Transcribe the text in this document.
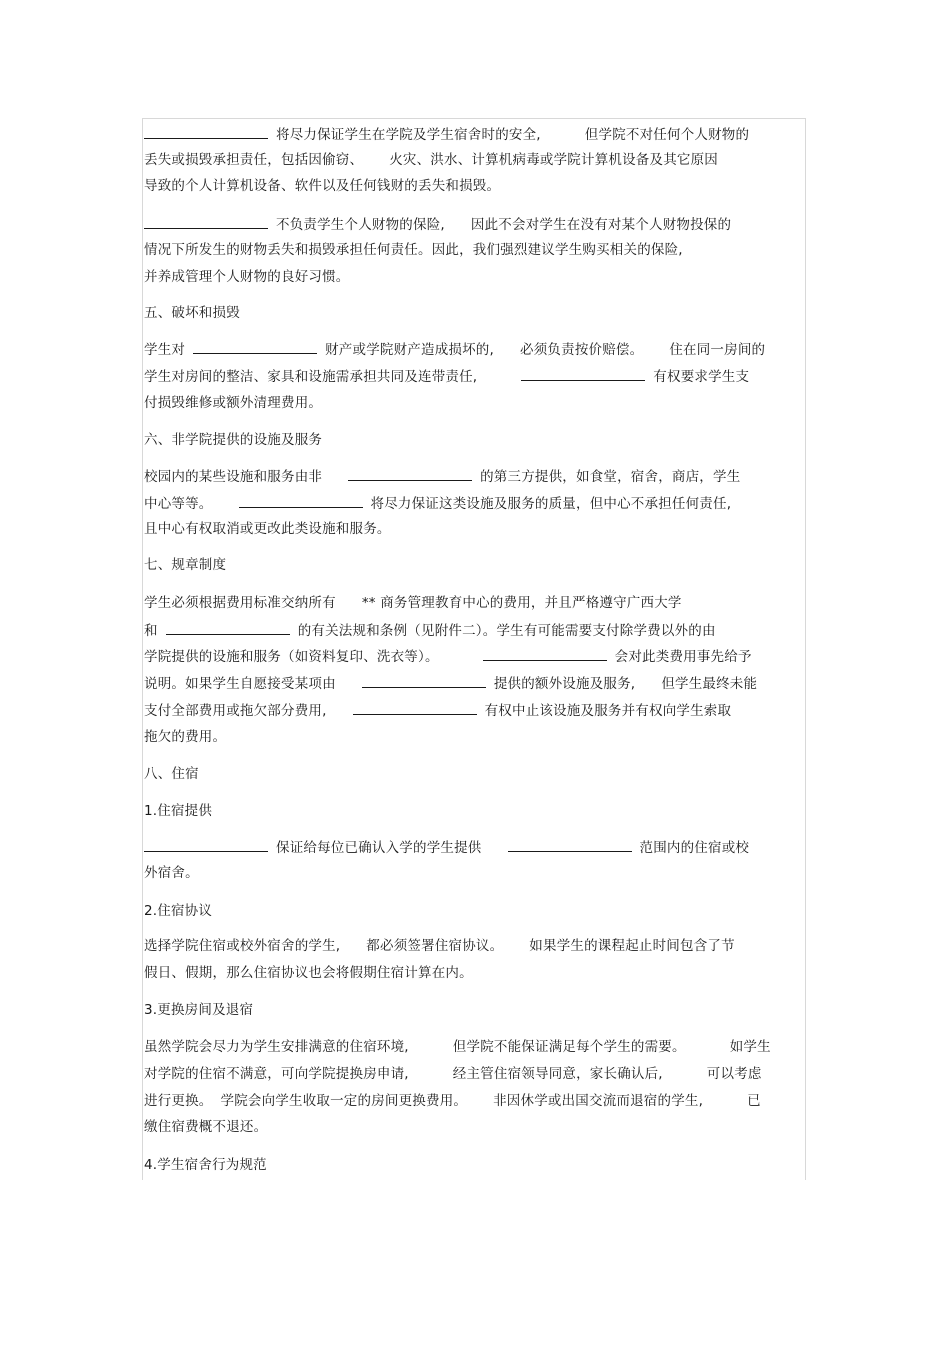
将尽力保证学生在学院及学生宿舍时的安全,	但学院不对任何个人财物的
丢失或损毁承担责任，包括因偷窃、 火灾、洪水、计算机病毒或学院计算机设备及其它原因
导致的个人计算机设备、软件以及任何钱财的丢失和损毁。
不负责学生个人财物的保险, 因此不会对学生在没有对某个人财物投保的
情况下所发生的财物丢失和损毁承担任何责任。因此，我们强烈建议学生购买相关的保险,
并养成管理个人财物的良好习惯。
五、破坏和损毁
学生对	财产或学院财产造成损坏的, 必须负责按价赔偿。 住在同一房间的
学生对房间的整洁、家具和设施需承担共同及连带责任,	有权要求学生支
付损毁维修或额外清理费用。
六、非学院提供的设施及服务
校园内的某些设施和服务由非	的第三方提供，如食堂，宿舍，商店，学生
中心等等。	将尽力保证这类设施及服务的质量，但中心不承担任何责任,
且中心有权取消或更改此类设施和服务。
七、规章制度
学生必须根据费用标准交纳所有 ** 商务管理教育中心的费用，并且严格遵守广西大学
和	的有关法规和条例（见附件二）。学生有可能需要支付除学费以外的由
学院提供的设施和服务（如资料复印、洗衣等）。	会对此类费用事先给予
说明。如果学生自愿接受某项由	提供的额外设施及服务, 但学生最终未能
支付全部费用或拖欠部分费用,	有权中止该设施及服务并有权向学生索取
拖欠的费用。
八、住宿
1.住宿提供
保证给每位已确认入学的学生提供	范围内的住宿或校
外宿舍。
2.住宿协议
选择学院住宿或校外宿舍的学生, 都必须签署住宿协议。 如果学生的课程起止时间包含了节
假日、假期，那么住宿协议也会将假期住宿计算在内。
3.更换房间及退宿
虽然学院会尽力为学生安排满意的住宿环境,	但学院不能保证满足每个学生的需要。	如学生
对学院的住宿不满意，可向学院提换房申请,	经主管住宿领导同意，家长确认后,	可以考虑
进行更换。 学院会向学生收取一定的房间更换费用。 非因休学或出国交流而退宿的学生,	已
缴住宿费概不退还。
4.学生宿舍行为规范
